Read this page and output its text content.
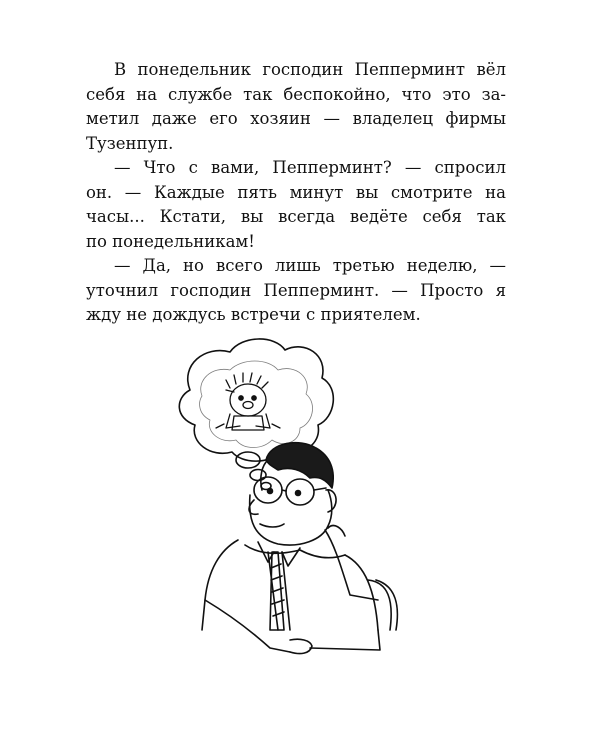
В понедельник господин Пепперминт вёл
себя на службе так беспокойно, что это за-
метил даже его хозяин — владелец фирмы
Тузенпуп.
— Что с вами, Пепперминт? — спросил
он. — Каждые пять минут вы смотрите на
часы... Кстати, вы всегда ведёте себя так
по понедельникам!
— Да, но всего лишь третью неделю, —
уточнил господин Пепперминт. — Просто я
жду не дождусь встречи с приятелем.
